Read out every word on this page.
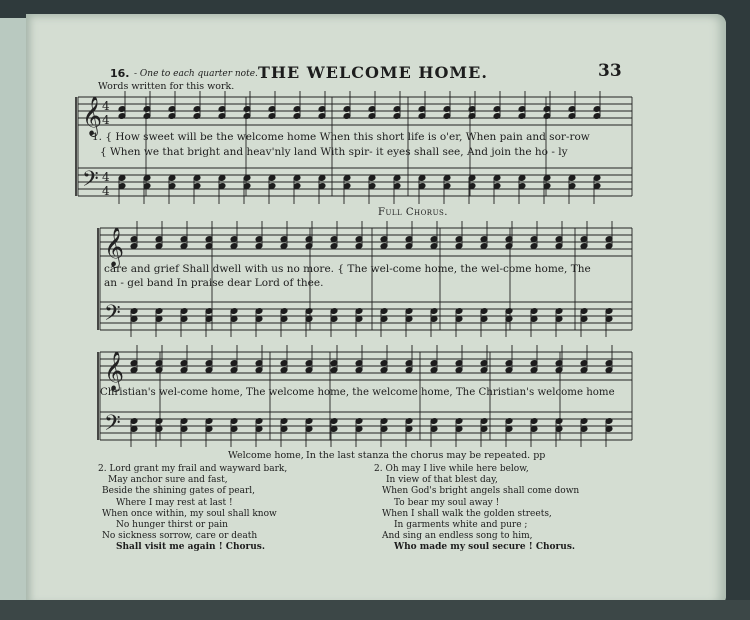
𝄞
𝄢
4
4
4
4
𝄞
𝄢
𝄞
𝄢
16. - One to each quarter note. THE WELCOME HOME.	33
Words written for this work.
1. { How sweet will be the welcome home When this short life is o'er, When pain and sor-row
{ When we that bright and heav'nly land With spir- it eyes shall see, And join the ho - ly
Full Chorus.
care and grief Shall dwell with us no more. { The wel-come home, the wel-come home, The
an - gel band In praise dear Lord of thee.
Christian's wel-come home, The welcome home, the welcome home, The Christian's welcome home
Welcome home, In the last stanza the chorus may be repeated. pp
2. Lord grant my frail and wayward bark,
May anchor sure and fast,
Beside the shining gates of pearl,
Where I may rest at last !
When once within, my soul shall know
No hunger thirst or pain
No sickness sorrow, care or death
Shall visit me again ! Chorus.
2. Oh may I live while here below,
In view of that blest day,
When God's bright angels shall come down
To bear my soul away !
When I shall walk the golden streets,
In garments white and pure ;
And sing an endless song to him,
Who made my soul secure ! Chorus.
